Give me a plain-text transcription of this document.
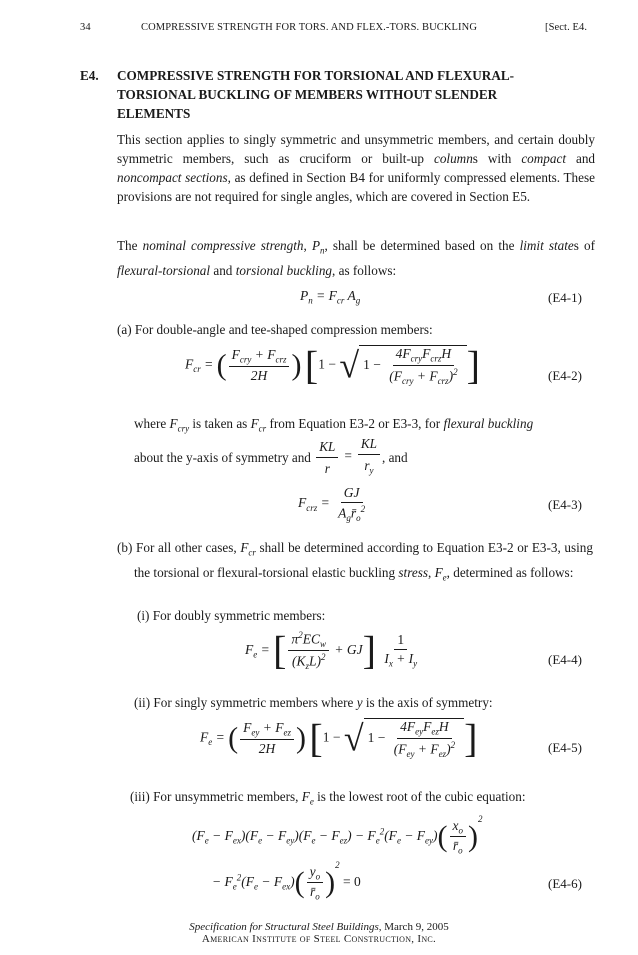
34	COMPRESSIVE STRENGTH FOR TORS. AND FLEX.-TORS. BUCKLING	[Sect. E4.
E4. COMPRESSIVE STRENGTH FOR TORSIONAL AND FLEXURAL-TORSIONAL BUCKLING OF MEMBERS WITHOUT SLENDER ELEMENTS
This section applies to singly symmetric and unsymmetric members, and certain doubly symmetric members, such as cruciform or built-up columns with compact and noncompact sections, as defined in Section B4 for uniformly compressed elements. These provisions are not required for single angles, which are covered in Section E5.
The nominal compressive strength, $P_n$, shall be determined based on the limit states of flexural-torsional and torsional buckling, as follows:
$P_n = F_{cr}$ $A_g$	(E4-1)
(a) For double-angle and tee-shaped compression members:
$F_{cr}$ = ( $\frac{F_{cry} + F_{crz}}{2H}$ ) [1 − √ $1 - \frac{4F_{cry}F_{crz}H}{(F_{cry} + F_{crz})^2}$ ]	(E4-2)
where $F_{cry}$ is taken as $F_{cr}$ from Equation E3-2 or E3-3, for flexural buckling
about the y-axis of symmetry and $\frac{KL}{r} = \frac{KL}{r_y}$ , and
$F_{crz} = \frac{GJ}{A_gr̄_o^2}$	(E4-3)
(b) For all other cases, $F_{cr}$ shall be determined according to Equation E3-2 or E3-3, using the torsional or flexural-torsional elastic buckling stress, $F_e$, determined as follows:
(i) For doubly symmetric members:
$F_e$ = [ $\frac{\pi^2EC_w}{(K_zL)^2} + GJ] \frac{1}{I_x + I_y}$	(E4-4)
(ii) For singly symmetric members where y is the axis of symmetry:
$F_e$ = ( $\frac{F_{ey} + F_{ez}}{2H}$ ) [1 − √ $1 - \frac{4F_{ey}F_{ez}H}{(F_{ey} + F_{ez})^2}$ ]	(E4-5)
(iii) For unsymmetric members, $F_e$ is the lowest root of the cubic equation:
$(F_e - F_{ex})(F_e - F_{ey})(F_e - F_{ez}) - F_e^2(F_e - F_{ey})( \frac{x_o}{r̄_o} )^2$
− $F_e^2(F_e - F_{ex})( \frac{y_o}{r̄_o} )^2 = 0$	(E4-6)
Specification for Structural Steel Buildings, March 9, 2005
American Institute of Steel Construction, Inc.
